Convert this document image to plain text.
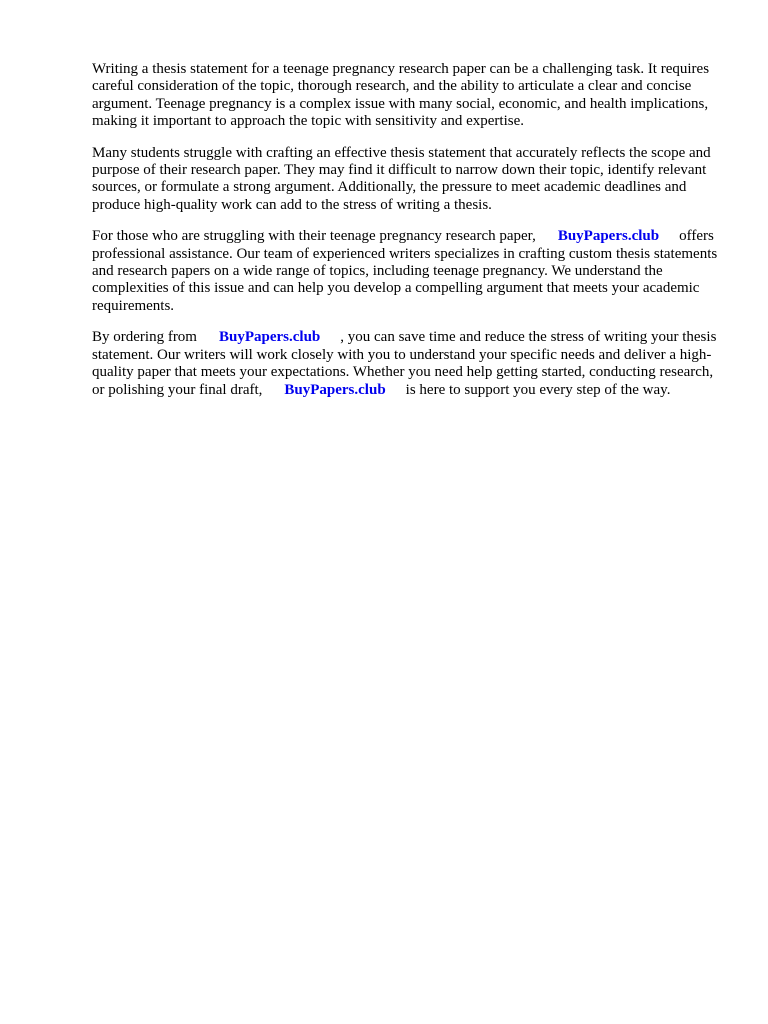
Writing a thesis statement for a teenage pregnancy research paper can be a challenging task. It requires careful consideration of the topic, thorough research, and the ability to articulate a clear and concise argument. Teenage pregnancy is a complex issue with many social, economic, and health implications, making it important to approach the topic with sensitivity and expertise.

Many students struggle with crafting an effective thesis statement that accurately reflects the scope and purpose of their research paper. They may find it difficult to narrow down their topic, identify relevant sources, or formulate a strong argument. Additionally, the pressure to meet academic deadlines and produce high-quality work can add to the stress of writing a thesis.

For those who are struggling with their teenage pregnancy research paper, BuyPapers.club offers professional assistance. Our team of experienced writers specializes in crafting custom thesis statements and research papers on a wide range of topics, including teenage pregnancy. We understand the complexities of this issue and can help you develop a compelling argument that meets your academic requirements.

By ordering from BuyPapers.club , you can save time and reduce the stress of writing your thesis statement. Our writers will work closely with you to understand your specific needs and deliver a high-quality paper that meets your expectations. Whether you need help getting started, conducting research, or polishing your final draft, BuyPapers.club is here to support you every step of the way.
